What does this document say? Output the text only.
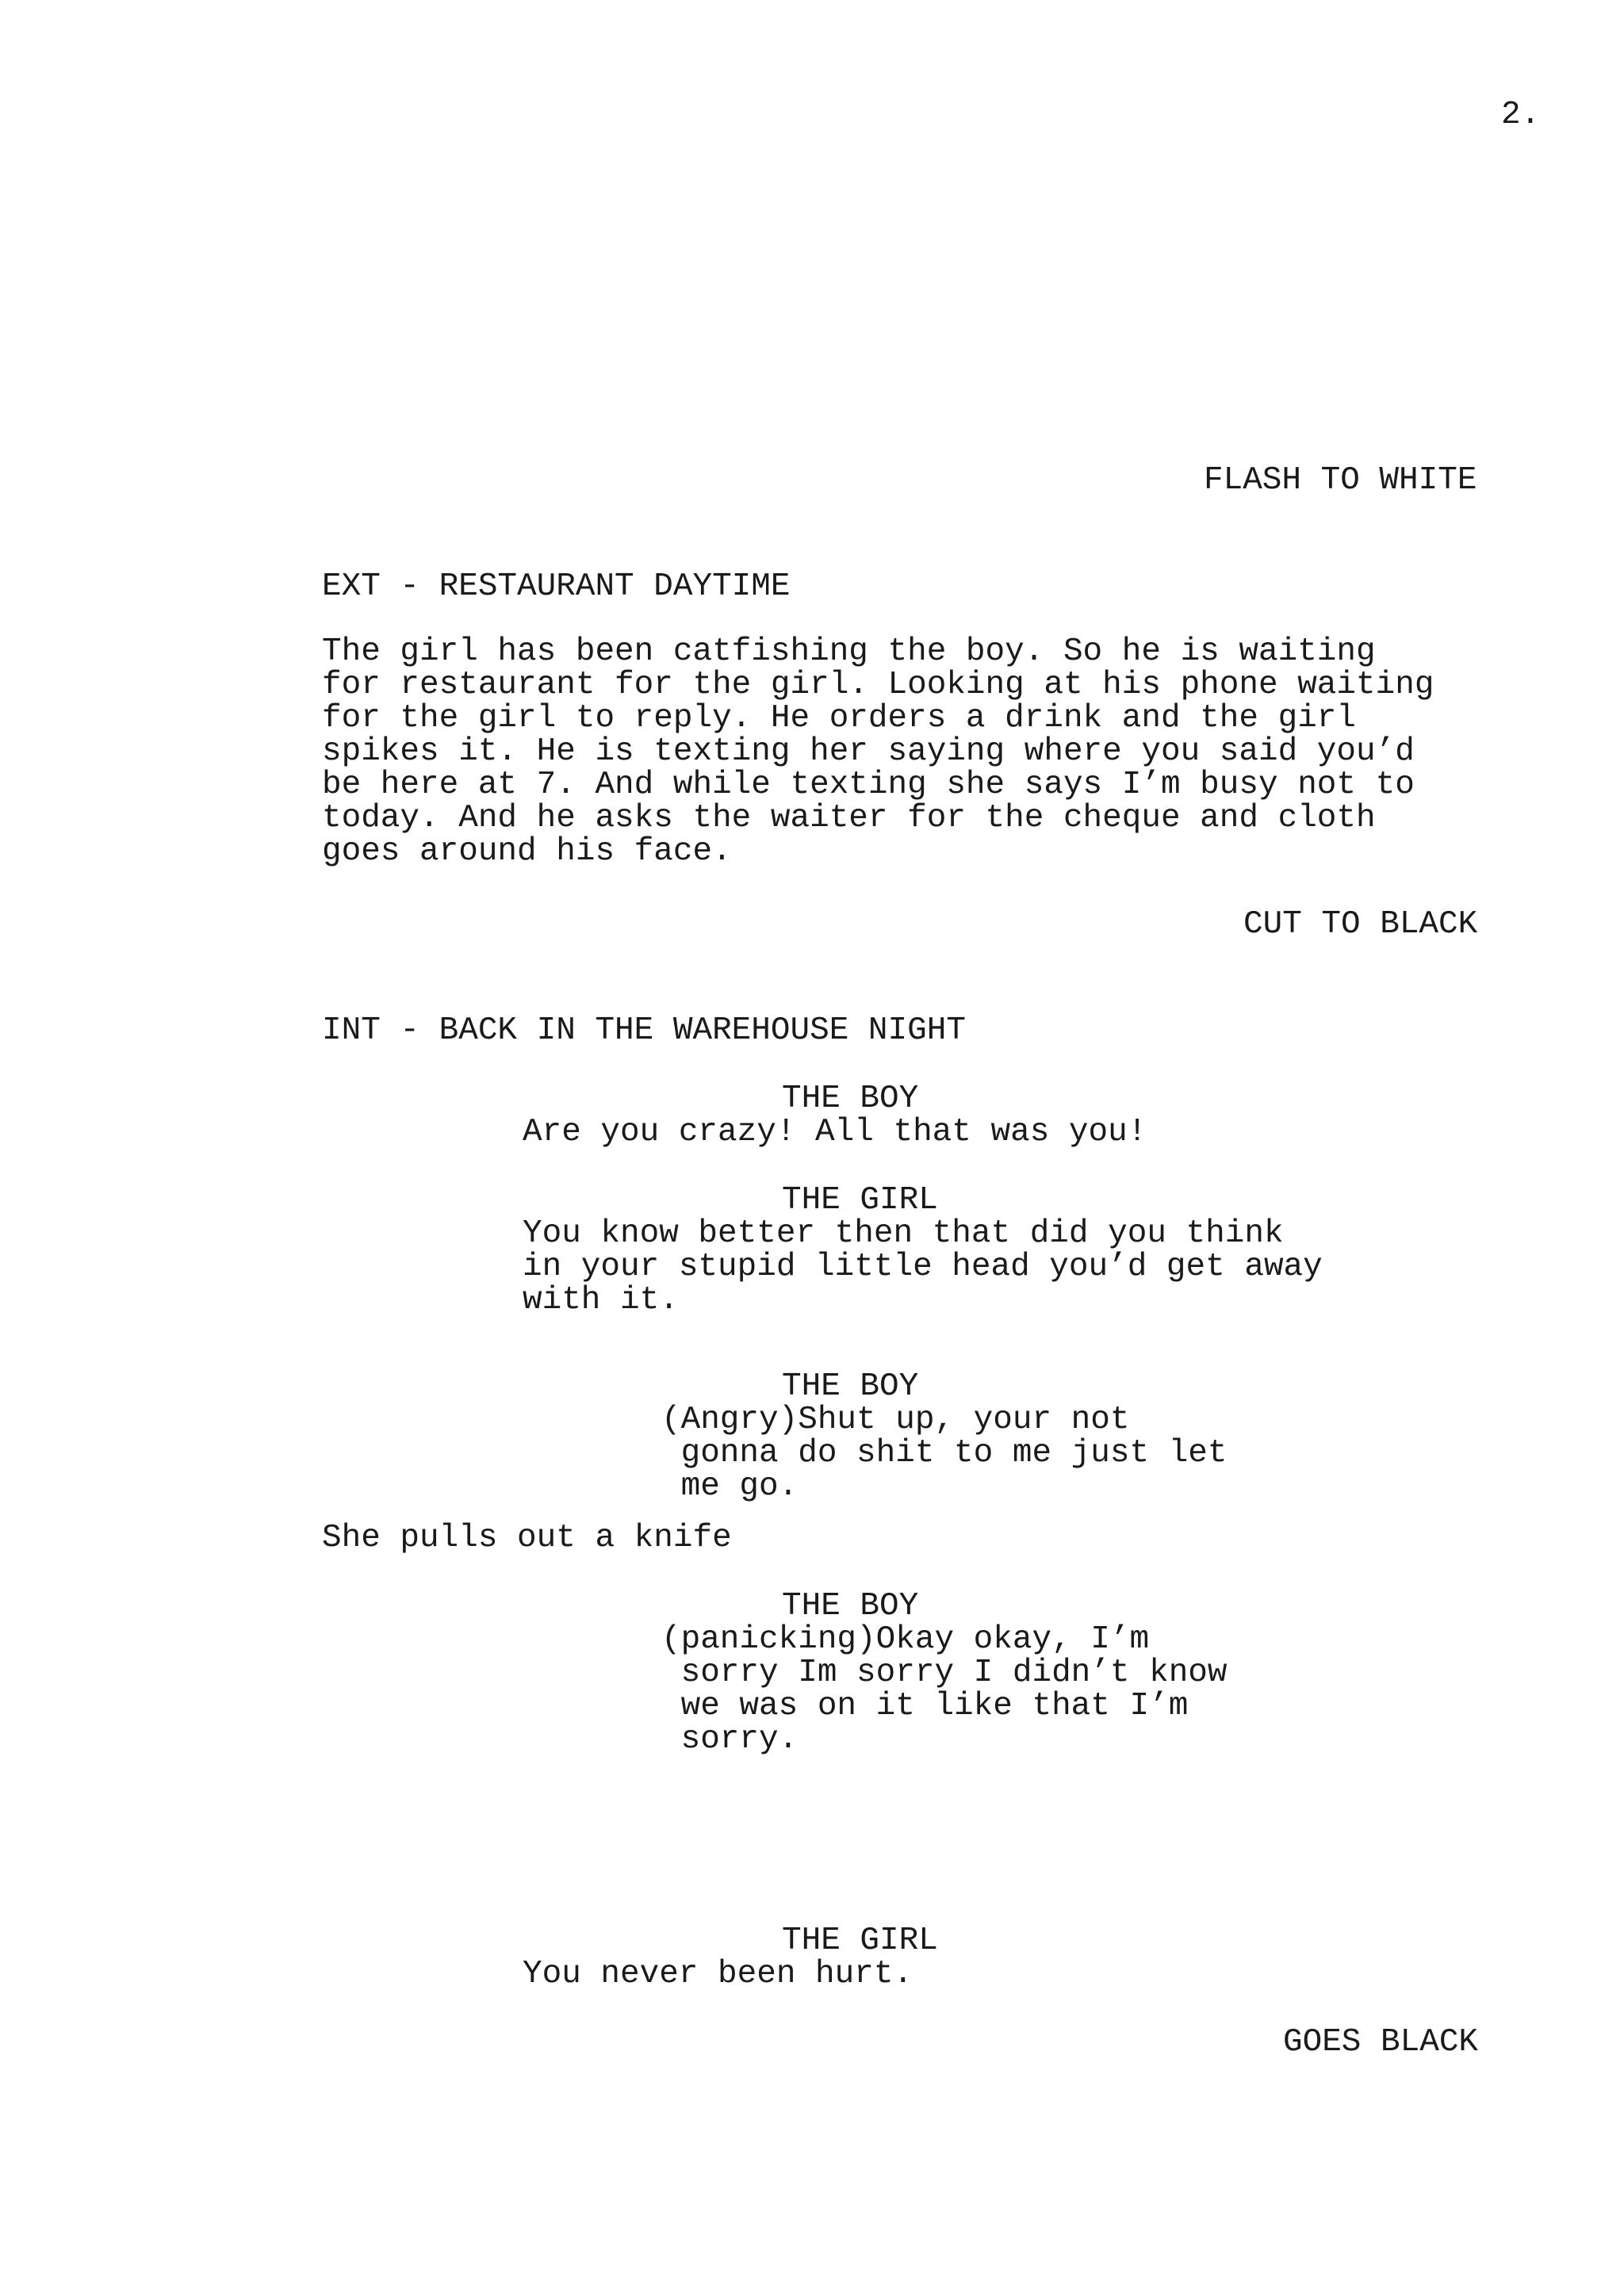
2.
FLASH TO WHITE
EXT - RESTAURANT DAYTIME
The girl has been catfishing the boy. So he is waiting
for restaurant for the girl. Looking at his phone waiting
for the girl to reply. He orders a drink and the girl
spikes it. He is texting her saying where you said you’d
be here at 7. And while texting she says I’m busy not to
today. And he asks the waiter for the cheque and cloth
goes around his face.
CUT TO BLACK
INT - BACK IN THE WAREHOUSE NIGHT
THE BOY
Are you crazy! All that was you!
THE GIRL
You know better then that did you think
in your stupid little head you’d get away
with it.
THE BOY
(Angry)Shut up, your not
gonna do shit to me just let
me go.
She pulls out a knife
THE BOY
(panicking)Okay okay, I’m
sorry Im sorry I didn’t know
we was on it like that I’m
sorry.
THE GIRL
You never been hurt.
GOES BLACK
